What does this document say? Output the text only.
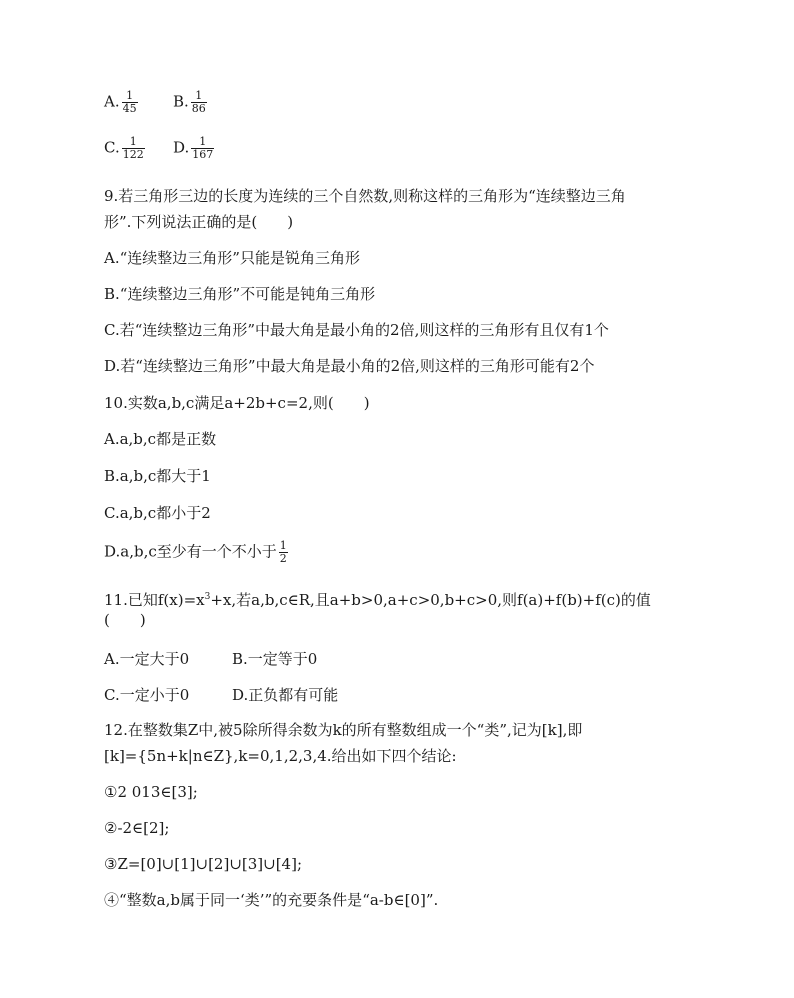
A. $\frac{1}{45} B$. $\frac{1}{86}$
C. $\frac{1}{122} D$. $\frac{1}{167}$
9.若三角形三边的长度为连续的三个自然数,则称这样的三角形为“连续整边三角
形”.下列说法正确的是(　　)
A.“连续整边三角形”只能是锐角三角形
B.“连续整边三角形”不可能是钝角三角形
C.若“连续整边三角形”中最大角是最小角的2倍,则这样的三角形有且仅有1个
D.若“连续整边三角形”中最大角是最小角的2倍,则这样的三角形可能有2个
10.实数a,b,c满足a+2b+c=2,则(　　)
A.a,b,c都是正数
B.a,b,c都大于1
C.a,b,c都小于2
D.a,b,c至少有一个不小于 $\frac{1}{2}$
11.已知$f(x)=x^3+x$,若a,b,c∈R,且a+b>0,a+c>0,b+c>0,则f(a)+f(b)+f(c)的值
(　　)
A.一定大于0	B.一定等于0
C.一定小于0	D.正负都有可能
12.在整数集Z中,被5除所得余数为k的所有整数组成一个“类”,记为[k],即
[k]={5n+k|n∈Z},k=0,1,2,3,4.给出如下四个结论:
①2 013∈[3];
②-2∈[2];
③Z=[0]∪[1]∪[2]∪[3]∪[4];
④“整数a,b属于同一‘类’”的充要条件是“a-b∈[0]”.
